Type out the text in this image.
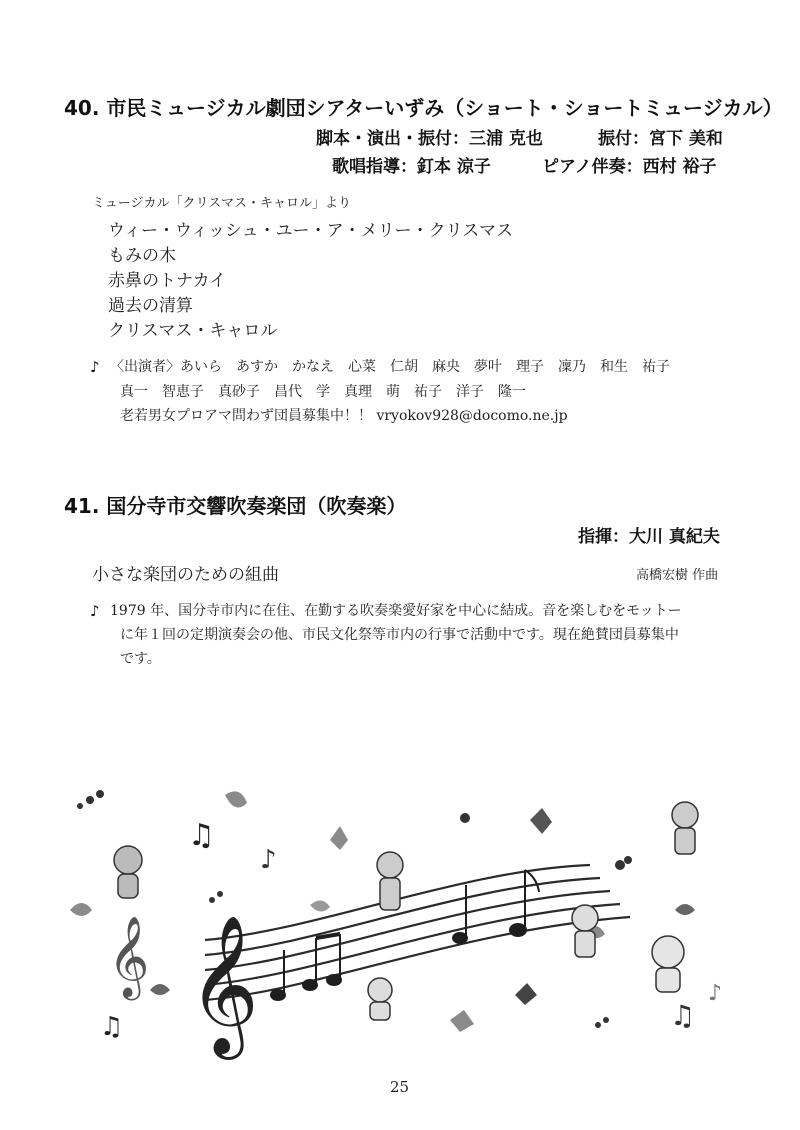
40. 市民ミュージカル劇団シアターいずみ（ショート・ショートミュージカル）
脚本・演出・振付：三浦 克也	振付：宮下 美和
歌唱指導：釘本 涼子	ピアノ伴奏：西村 裕子
ミュージカル「クリスマス・キャロル」より
ウィー・ウィッシュ・ユー・ア・メリー・クリスマス
もみの木
赤鼻のトナカイ
過去の清算
クリスマス・キャロル
♪ 〈出演者〉あいら　あすか　かなえ　心菜　仁胡　麻央　夢叶　理子　凜乃　和生　祐子
真一　智恵子　真砂子　昌代　学　真理　萌　祐子　洋子　隆一
老若男女プロアマ問わず団員募集中！！ vryokov928@docomo.ne.jp
41. 国分寺市交響吹奏楽団（吹奏楽）
指揮：大川 真紀夫
小さな楽団のための組曲	高橋宏樹 作曲
♪ 1979 年、国分寺市内に在住、在勤する吹奏楽愛好家を中心に結成。音を楽しむをモットー
に年１回の定期演奏会の他、市民文化祭等市内の行事で活動中です。現在絶賛団員募集中
です。
𝄞
𝄞
♫
♪
♫	♫
♪
25
